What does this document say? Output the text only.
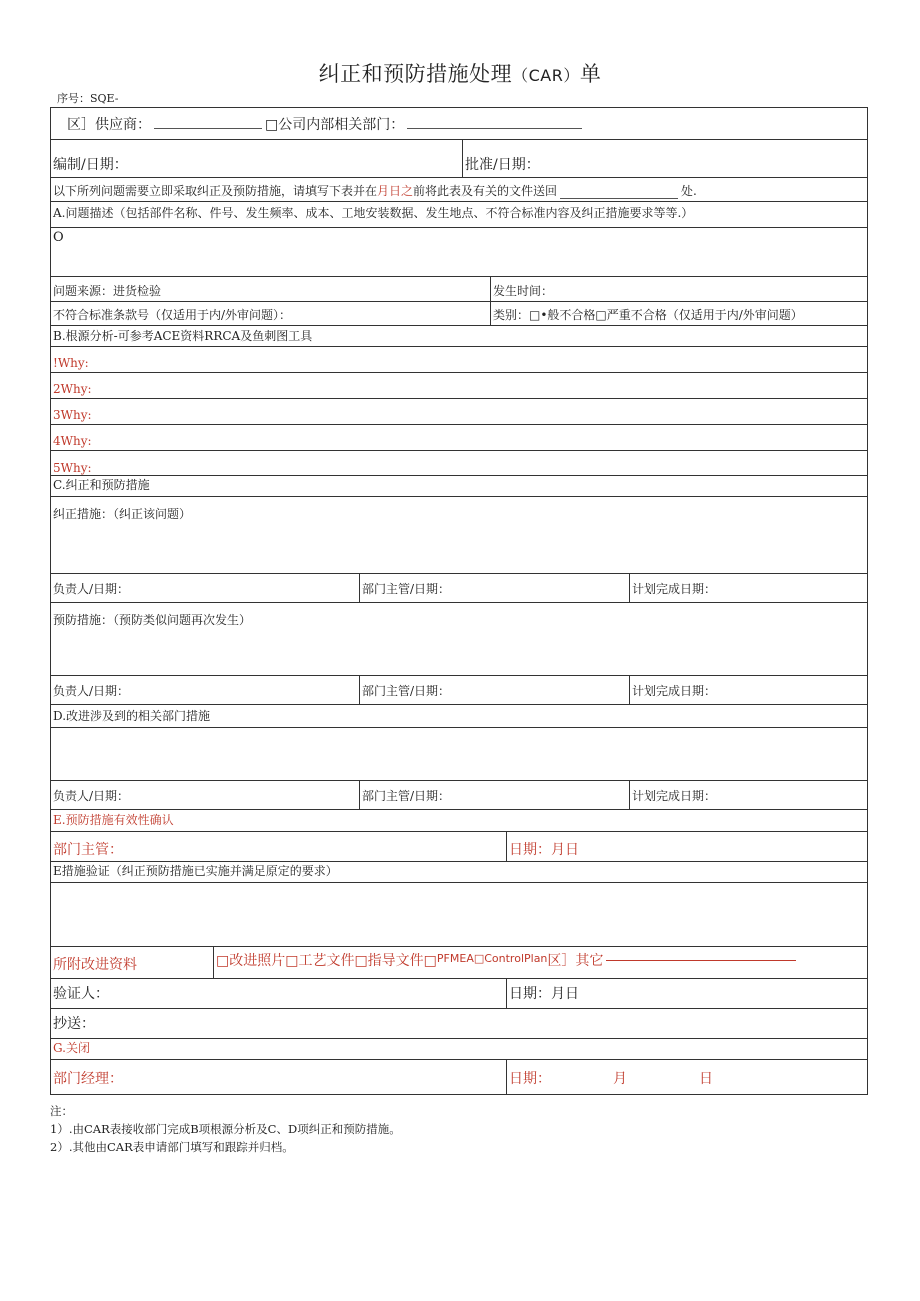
纠正和预防措施处理（CAR）单
序号：SQE-
区］供应商：	□公司内部相关部门：
编制/日期：	批准/日期：
以下所列问题需要立即采取纠正及预防措施，请填写下表并在 月日之 前将此表及有关的文件送回	处.
A.问题描述（包括部件名称、件号、发生频率、成本、工地安装数据、发生地点、不符合标准内容及纠正措施要求等等.）
O
问题来源：进货检验	发生时间：
不符合标准条款号（仅适用于内/外审问题）：	类别：□•般不合格□严重不合格（仅适用于内/外审问题）
B.根源分析-可参考ACE资料RRCA及鱼刺图工具
!Why:
2Why:
3Why:
4Why:
5Why:
C.纠正和预防措施
纠正措施：（纠正该问题）
负责人/日期：	部门主管/日期：	计划完成日期：
预防措施：（预防类似问题再次发生）
负责人/日期：	部门主管/日期：	计划完成日期：
D.改进涉及到的相关部门措施
负责人/日期：	部门主管/日期：	计划完成日期：
E.预防措施有效性确认
部门主管：	日期：月日
E措施验证（纠正预防措施已实施并满足原定的要求）
所附改进资料	□改进照片□工艺文件□指导文件□ PFMEA□ControlPlan 区］其它
验证人：	日期：月日
抄送：
G.关闭
部门经理：	日期：	月	日
注：
1）.由CAR表接收部门完成B项根源分析及C、D项纠正和预防措施。
2）.其他由CAR表申请部门填写和跟踪并归档。
